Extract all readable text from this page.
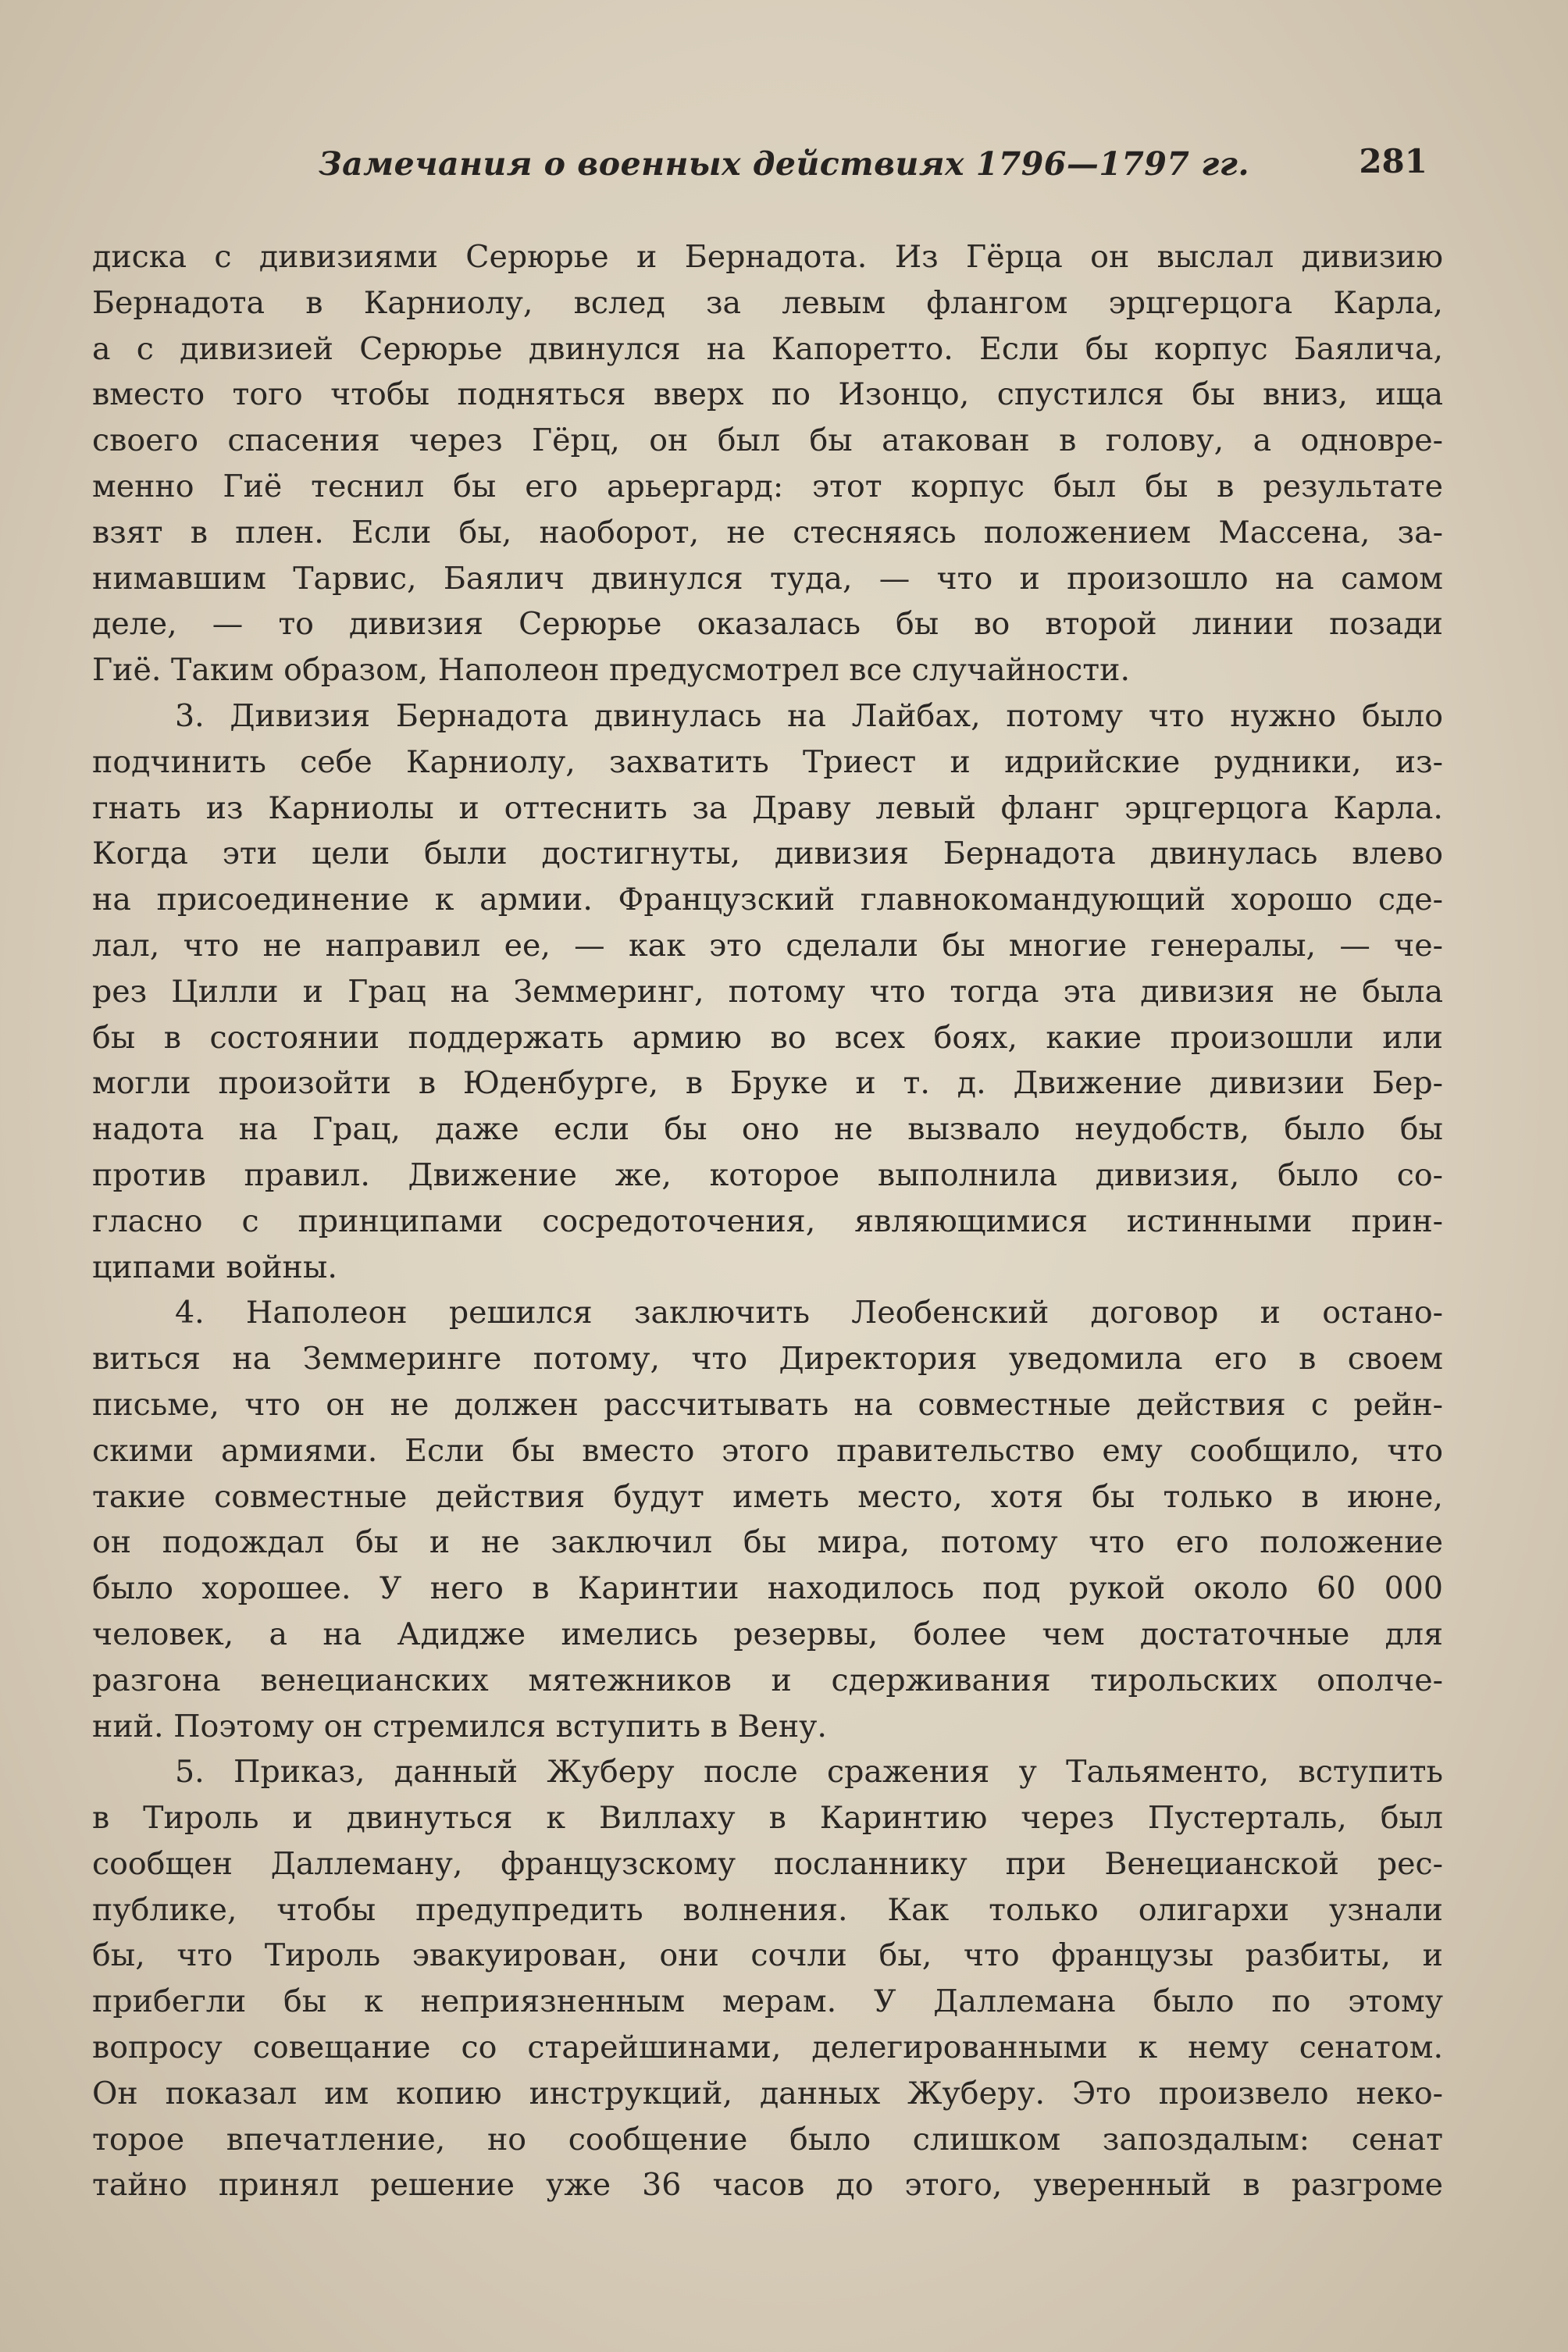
Замечания о военных действиях 1796—1797 гг.	281
диска с дивизиями Серюрье и Бернадота. Из Гёрца он выслал дивизию
Бернадота в Карниолу, вслед за левым флангом эрцгерцога Карла,
а с дивизией Серюрье двинулся на Капоретто. Если бы корпус Баялича,
вместо того чтобы подняться вверх по Изонцо, спустился бы вниз, ища
своего спасения через Гёрц, он был бы атакован в голову, а одновре-
менно Гиё теснил бы его арьергард: этот корпус был бы в результате
взят в плен. Если бы, наоборот, не стесняясь положением Массена, за-
нимавшим Тарвис, Баялич двинулся туда, — что и произошло на самом
деле, — то дивизия Серюрье оказалась бы во второй линии позади
Гиё. Таким образом, Наполеон предусмотрел все случайности.
3. Дивизия Бернадота двинулась на Лайбах, потому что нужно было
подчинить себе Карниолу, захватить Триест и идрийские рудники, из-
гнать из Карниолы и оттеснить за Драву левый фланг эрцгерцога Карла.
Когда эти цели были достигнуты, дивизия Бернадота двинулась влево
на присоединение к армии. Французский главнокомандующий хорошо сде-
лал, что не направил ее, — как это сделали бы многие генералы, — че-
рез Цилли и Грац на Земмеринг, потому что тогда эта дивизия не была
бы в состоянии поддержать армию во всех боях, какие произошли или
могли произойти в Юденбурге, в Бруке и т. д. Движение дивизии Бер-
надота на Грац, даже если бы оно не вызвало неудобств, было бы
против правил. Движение же, которое выполнила дивизия, было со-
гласно с принципами сосредоточения, являющимися истинными прин-
ципами войны.
4. Наполеон решился заключить Леобенский договор и остано-
виться на Земмеринге потому, что Директория уведомила его в своем
письме, что он не должен рассчитывать на совместные действия с рейн-
скими армиями. Если бы вместо этого правительство ему сообщило, что
такие совместные действия будут иметь место, хотя бы только в июне,
он подождал бы и не заключил бы мира, потому что его положение
было хорошее. У него в Каринтии находилось под рукой около 60 000
человек, а на Адидже имелись резервы, более чем достаточные для
разгона венецианских мятежников и сдерживания тирольских ополче-
ний. Поэтому он стремился вступить в Вену.
5. Приказ, данный Жуберу после сражения у Тальяменто, вступить
в Тироль и двинуться к Виллаху в Каринтию через Пустерталь, был
сообщен Даллеману, французскому посланнику при Венецианской рес-
публике, чтобы предупредить волнения. Как только олигархи узнали
бы, что Тироль эвакуирован, они сочли бы, что французы разбиты, и
прибегли бы к неприязненным мерам. У Даллемана было по этому
вопросу совещание со старейшинами, делегированными к нему сенатом.
Он показал им копию инструкций, данных Жуберу. Это произвело неко-
торое впечатление, но сообщение было слишком запоздалым: сенат
тайно принял решение уже 36 часов до этого, уверенный в разгроме
